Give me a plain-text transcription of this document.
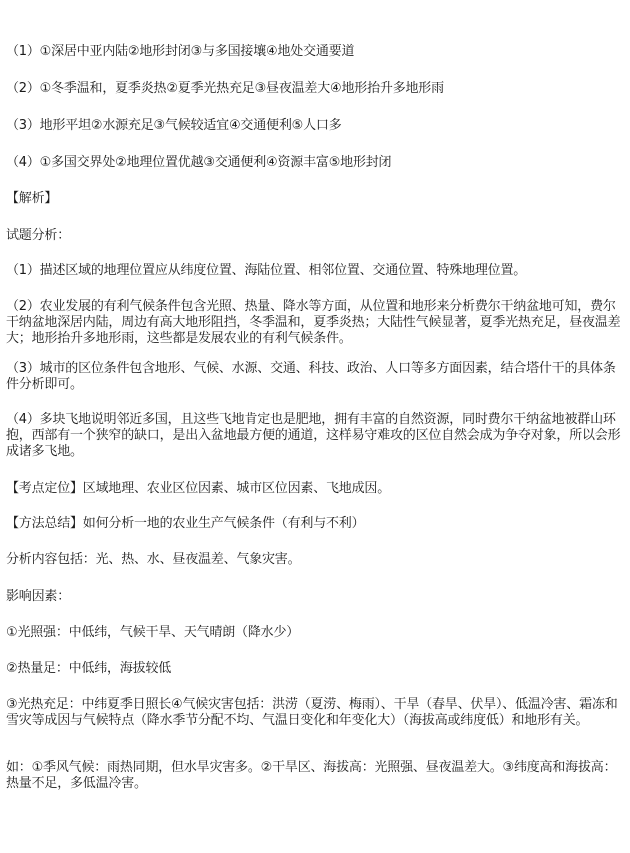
（1）①深居中亚内陆②地形封闭③与多国接壤④地处交通要道
（2）①冬季温和，夏季炎热②夏季光热充足③昼夜温差大④地形抬升多地形雨
（3）地形平坦②水源充足③气候较适宜④交通便利⑤人口多
（4）①多国交界处②地理位置优越③交通便利④资源丰富⑤地形封闭
【解析】
试题分析：
（1）描述区域的地理位置应从纬度位置、海陆位置、相邻位置、交通位置、特殊地理位置。
（2）农业发展的有利气候条件包含光照、热量、降水等方面，从位置和地形来分析费尔干纳盆地可知，费尔干纳盆地深居内陆，周边有高大地形阻挡，冬季温和，夏季炎热；大陆性气候显著，夏季光热充足，昼夜温差大；地形抬升多地形雨，这些都是发展农业的有利气候条件。
（3）城市的区位条件包含地形、气候、水源、交通、科技、政治、人口等多方面因素，结合塔什干的具体条件分析即可。
（4）多块飞地说明邻近多国，且这些飞地肯定也是肥地，拥有丰富的自然资源，同时费尔干纳盆地被群山环抱，西部有一个狭窄的缺口，是出入盆地最方便的通道，这样易守难攻的区位自然会成为争夺对象，所以会形成诸多飞地。
【考点定位】区域地理、农业区位因素、城市区位因素、飞地成因。
【方法总结】如何分析一地的农业生产气候条件（有利与不利）
分析内容包括：光、热、水、昼夜温差、气象灾害。
影响因素：
①光照强：中低纬，气候干旱、天气晴朗（降水少）
②热量足：中低纬，海拔较低
③光热充足：中纬夏季日照长④气候灾害包括：洪涝（夏涝、梅雨）、干旱（春旱、伏旱）、低温冷害、霜冻和雪灾等成因与气候特点（降水季节分配不均、气温日变化和年变化大）（海拔高或纬度低）和地形有关。
如：①季风气候：雨热同期，但水旱灾害多。②干旱区、海拔高：光照强、昼夜温差大。③纬度高和海拔高：热量不足，多低温冷害。
